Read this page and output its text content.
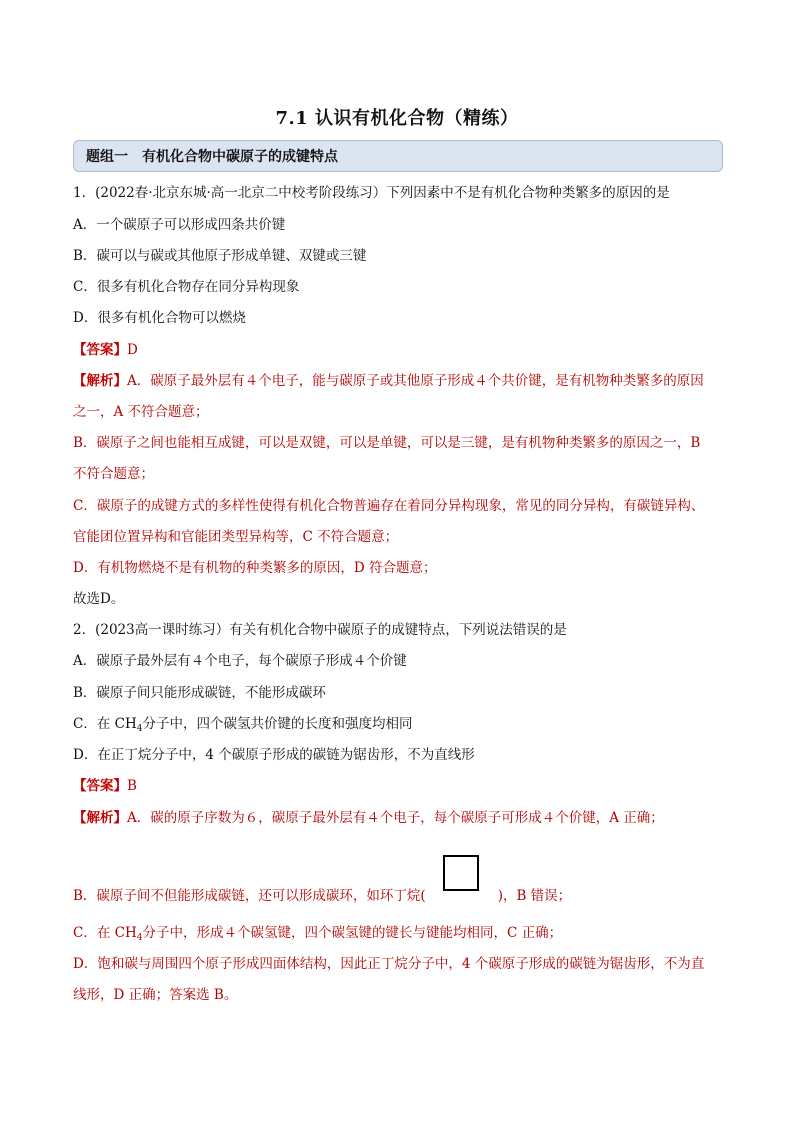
7.1 认识有机化合物（精练）
题组一　有机化合物中碳原子的成键特点
1．(2022春·北京东城·高一北京二中校考阶段练习）下列因素中不是有机化合物种类繁多的原因的是
A．一个碳原子可以形成四条共价键
B．碳可以与碳或其他原子形成单键、双键或三键
C．很多有机化合物存在同分异构现象
D．很多有机化合物可以燃烧
【答案】D
【解析】A．碳原子最外层有４个电子，能与碳原子或其他原子形成４个共价键，是有机物种类繁多的原因
之一，A 不符合题意；
B．碳原子之间也能相互成键，可以是双键，可以是单键，可以是三键，是有机物种类繁多的原因之一，B
不符合题意；
C．碳原子的成键方式的多样性使得有机化合物普遍存在着同分异构现象，常见的同分异构，有碳链异构、
官能团位置异构和官能团类型异构等，C 不符合题意；
D．有机物燃烧不是有机物的种类繁多的原因，D 符合题意；
故选D。
2．(2023高一课时练习）有关有机化合物中碳原子的成键特点，下列说法错误的是
A．碳原子最外层有４个电子，每个碳原子形成４个价键
B．碳原子间只能形成碳链，不能形成碳环
C．在 $CH_4$分子中，四个碳氢共价键的长度和强度均相同
D．在正丁烷分子中，4 个碳原子形成的碳链为锯齿形，不为直线形
【答案】B
【解析】A．碳的原子序数为６，碳原子最外层有４个电子，每个碳原子可形成４个价键，A 正确；
B．碳原子间不但能形成碳链，还可以形成碳环，如环丁烷(	)，B 错误；
C．在 $CH_4$分子中，形成４个碳氢键，四个碳氢键的键长与键能均相同，C 正确；
D．饱和碳与周围四个原子形成四面体结构，因此正丁烷分子中，4 个碳原子形成的碳链为锯齿形，不为直
线形，D 正确；答案选 B。
